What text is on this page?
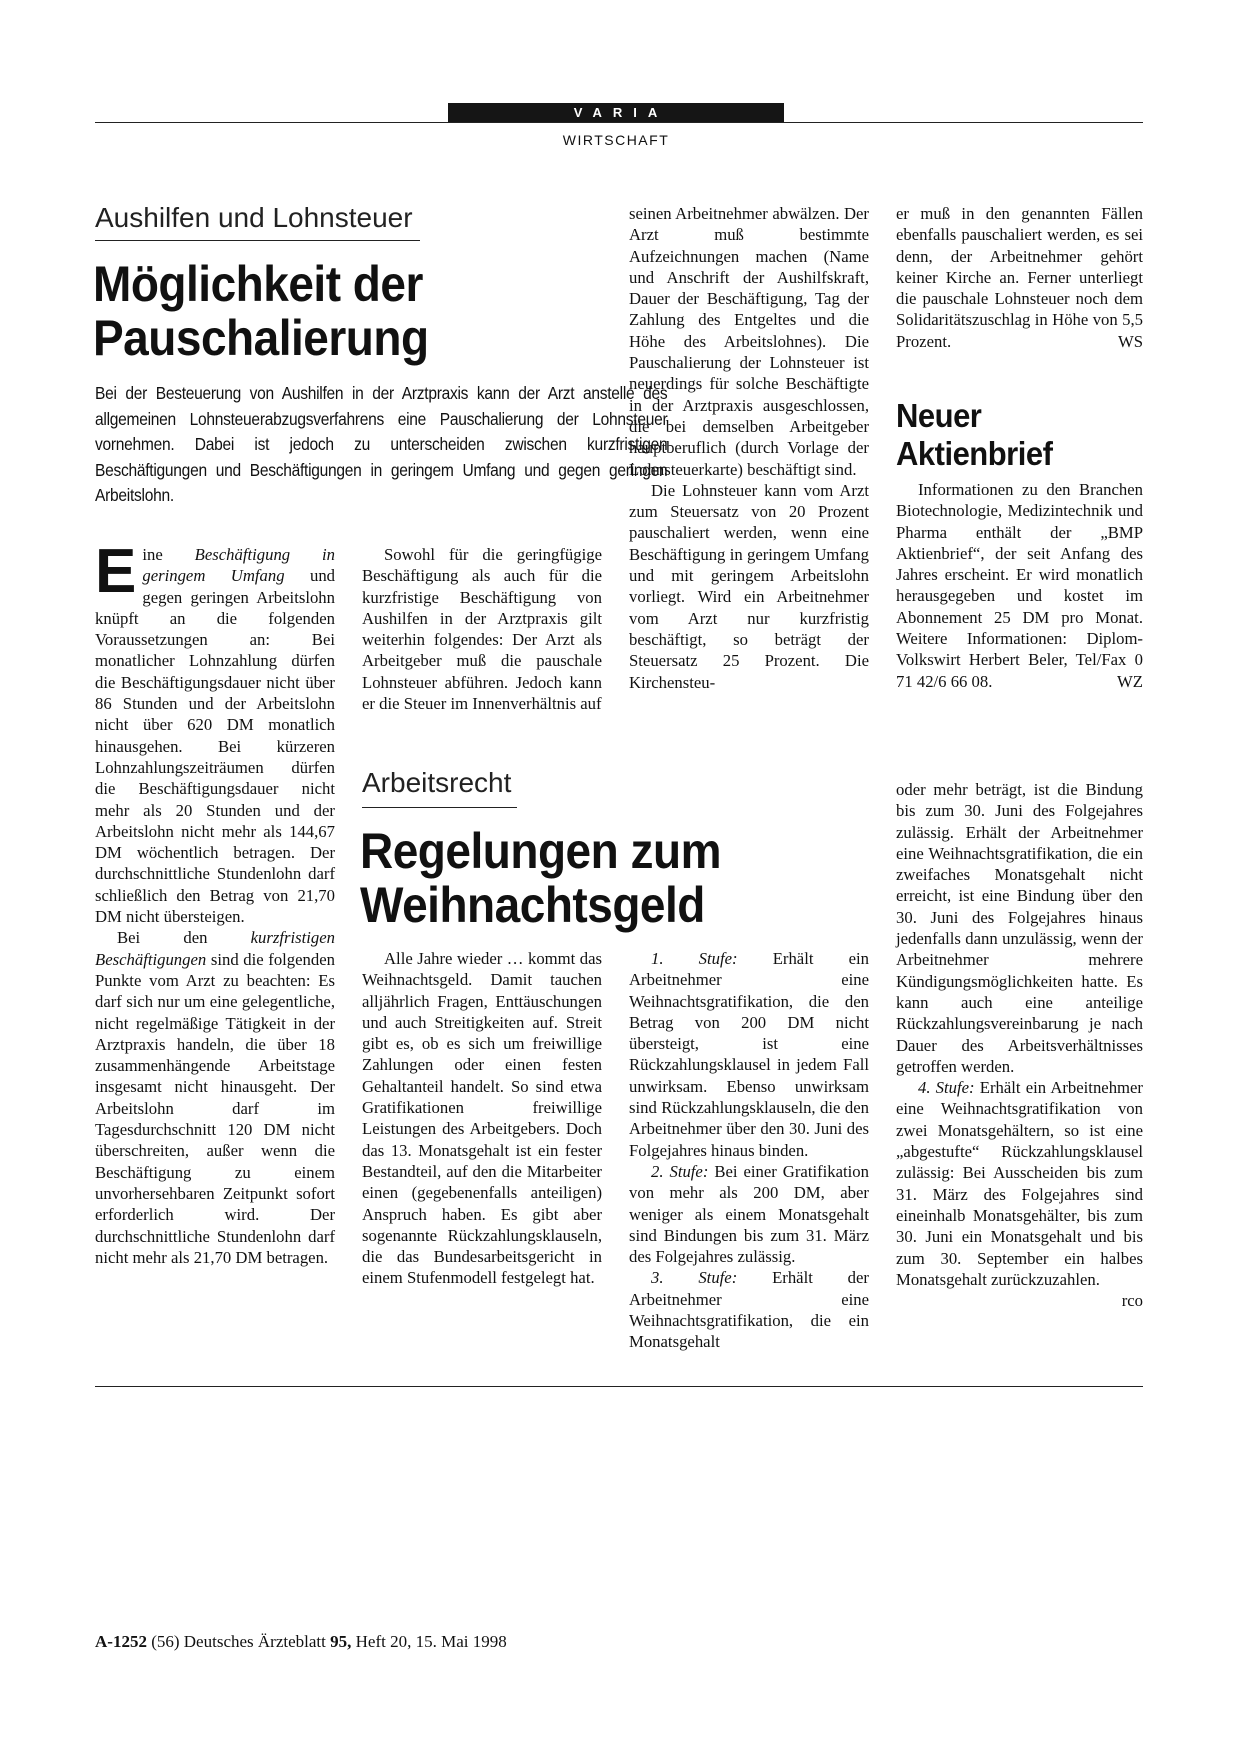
VARIA
WIRTSCHAFT
Aushilfen und Lohnsteuer
Möglichkeit der
Pauschalierung
Bei der Besteuerung von Aushilfen in der Arztpraxis kann der Arzt anstelle des allgemeinen Lohnsteuerabzugsverfahrens eine Pauschalierung der Lohnsteuer vornehmen. Dabei ist jedoch zu unterscheiden zwischen kurzfristigen Beschäftigungen und Beschäftigungen in geringem Umfang und gegen geringen Arbeitslohn.

Eine Beschäftigung in geringem Umfang und gegen geringen Arbeitslohn knüpft an die folgenden Voraussetzungen an: Bei monatlicher Lohnzahlung dürfen die Beschäftigungsdauer nicht über 86 Stunden und der Arbeitslohn nicht über 620 DM monatlich hinausgehen. Bei kürzeren Lohnzahlungszeiträumen dürfen die Beschäftigungsdauer nicht mehr als 20 Stunden und der Arbeitslohn nicht mehr als 144,67 DM wöchentlich betragen. Der durchschnittliche Stundenlohn darf schließlich den Betrag von 21,70 DM nicht übersteigen.

Bei den kurzfristigen Beschäftigungen sind die folgenden Punkte vom Arzt zu beachten: Es darf sich nur um eine gelegentliche, nicht regelmäßige Tätigkeit in der Arztpraxis handeln, die über 18 zusammenhängende Arbeitstage insgesamt nicht hinausgeht. Der Arbeitslohn darf im Tagesdurchschnitt 120 DM nicht überschreiten, außer wenn die Beschäftigung zu einem unvorhersehbaren Zeitpunkt sofort erforderlich wird. Der durchschnittliche Stundenlohn darf nicht mehr als 21,70 DM betragen.

Sowohl für die geringfügige Beschäftigung als auch für die kurzfristige Beschäftigung von Aushilfen in der Arztpraxis gilt weiterhin folgendes: Der Arzt als Arbeitgeber muß die pauschale Lohnsteuer abführen. Jedoch kann er die Steuer im Innenverhältnis auf

seinen Arbeitnehmer abwälzen. Der Arzt muß bestimmte Aufzeichnungen machen (Name und Anschrift der Aushilfskraft, Dauer der Beschäftigung, Tag der Zahlung des Entgeltes und die Höhe des Arbeitslohnes). Die Pauschalierung der Lohnsteuer ist neuerdings für solche Beschäftigte in der Arztpraxis ausgeschlossen, die bei demselben Arbeitgeber hauptberuflich (durch Vorlage der Lohnsteuerkarte) beschäftigt sind.

Die Lohnsteuer kann vom Arzt zum Steuersatz von 20 Prozent pauschaliert werden, wenn eine Beschäftigung in geringem Umfang und mit geringem Arbeitslohn vorliegt. Wird ein Arbeitnehmer vom Arzt nur kurzfristig beschäftigt, so beträgt der Steuersatz 25 Prozent. Die Kirchensteu-

er muß in den genannten Fällen ebenfalls pauschaliert werden, es sei denn, der Arbeitnehmer gehört keiner Kirche an. Ferner unterliegt die pauschale Lohnsteuer noch dem Solidaritätszuschlag in Höhe von 5,5 Prozent.	WS

Neuer
Aktienbrief

Informationen zu den Branchen Biotechnologie, Medizintechnik und Pharma enthält der „BMP Aktienbrief“, der seit Anfang des Jahres erscheint. Er wird monatlich herausgegeben und kostet im Abonnement 25 DM pro Monat. Weitere Informationen: Diplom-Volkswirt Herbert Beler, Tel/Fax 0 71 42/6 66 08.	WZ

Arbeitsrecht
Regelungen zum
Weihnachtsgeld

Alle Jahre wieder … kommt das Weihnachtsgeld. Damit tauchen alljährlich Fragen, Enttäuschungen und auch Streitigkeiten auf. Streit gibt es, ob es sich um freiwillige Zahlungen oder einen festen Gehaltanteil handelt. So sind etwa Gratifikationen freiwillige Leistungen des Arbeitgebers. Doch das 13. Monatsgehalt ist ein fester Bestandteil, auf den die Mitarbeiter einen (gegebenenfalls anteiligen) Anspruch haben. Es gibt aber sogenannte Rückzahlungsklauseln, die das Bundesarbeitsgericht in einem Stufenmodell festgelegt hat.

1. Stufe: Erhält ein Arbeitnehmer eine Weihnachtsgratifikation, die den Betrag von 200 DM nicht übersteigt, ist eine Rückzahlungsklausel in jedem Fall unwirksam. Ebenso unwirksam sind Rückzahlungsklauseln, die den Arbeitnehmer über den 30. Juni des Folgejahres hinaus binden.

2. Stufe: Bei einer Gratifikation von mehr als 200 DM, aber weniger als einem Monatsgehalt sind Bindungen bis zum 31. März des Folgejahres zulässig.

3. Stufe: Erhält der Arbeitnehmer eine Weihnachtsgratifikation, die ein Monatsgehalt

oder mehr beträgt, ist die Bindung bis zum 30. Juni des Folgejahres zulässig. Erhält der Arbeitnehmer eine Weihnachtsgratifikation, die ein zweifaches Monatsgehalt nicht erreicht, ist eine Bindung über den 30. Juni des Folgejahres hinaus jedenfalls dann unzulässig, wenn der Arbeitnehmer mehrere Kündigungsmöglichkeiten hatte. Es kann auch eine anteilige Rückzahlungsvereinbarung je nach Dauer des Arbeitsverhältnisses getroffen werden.

4. Stufe: Erhält ein Arbeitnehmer eine Weihnachtsgratifikation von zwei Monatsgehältern, so ist eine „abgestufte“ Rückzahlungsklausel zulässig: Bei Ausscheiden bis zum 31. März des Folgejahres sind eineinhalb Monatsgehälter, bis zum 30. Juni ein Monatsgehalt und bis zum 30. September ein halbes Monatsgehalt zurückzuzahlen.
rco

A-1252 (56) Deutsches Ärzteblatt 95, Heft 20, 15. Mai 1998
